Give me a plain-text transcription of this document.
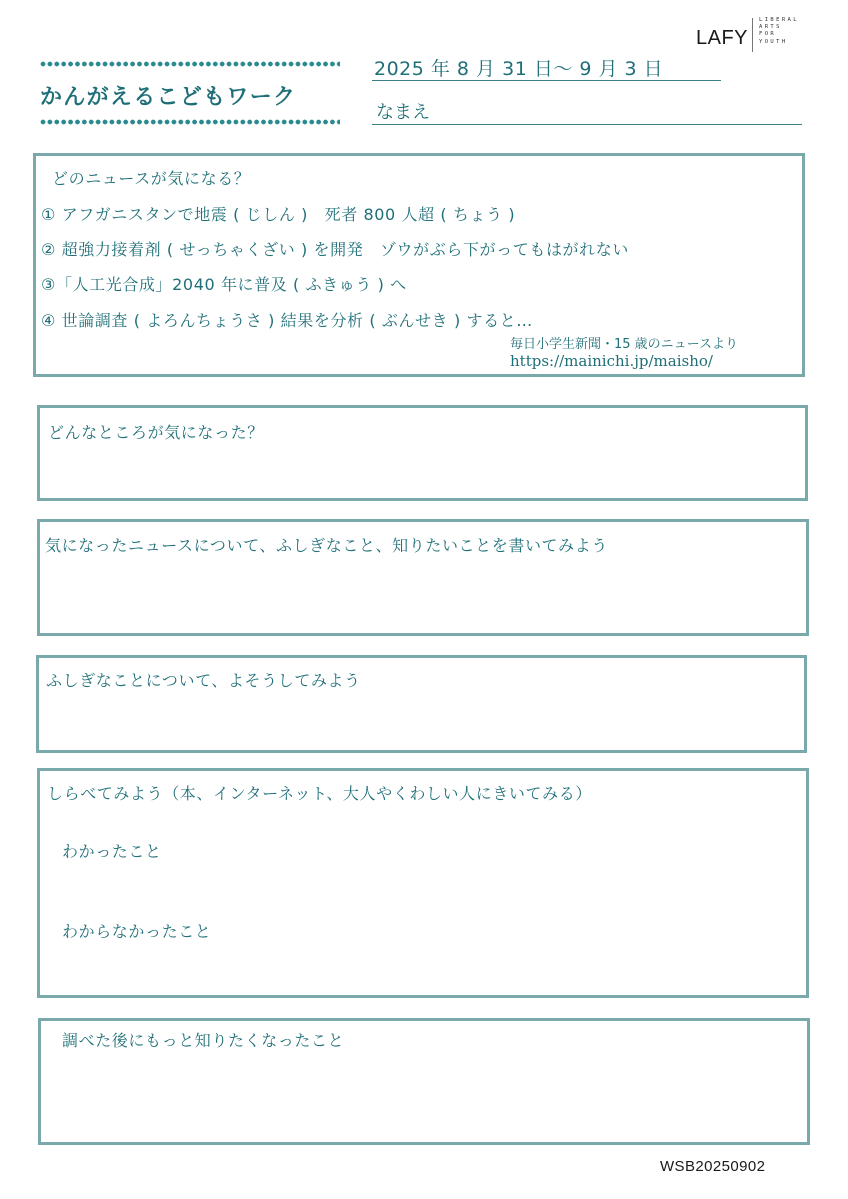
LAFY
LIBERAL
ARTS
FOR
YOUTH
かんがえるこどもワーク
2025 年 8 月 31 日～ 9 月 3 日
なまえ
どのニュースが気になる？
① アフガニスタンで地震 ( じしん )　死者 800 人超 ( ちょう )
② 超強力接着剤 ( せっちゃくざい ) を開発　ゾウがぶら下がってもはがれない
③「人工光合成」2040 年に普及 ( ふきゅう ) へ
④ 世論調査 ( よろんちょうさ ) 結果を分析 ( ぶんせき ) すると…
毎日小学生新聞・15 歳のニュースより
https://mainichi.jp/maisho/
どんなところが気になった？
気になったニュースについて、ふしぎなこと、知りたいことを書いてみよう
ふしぎなことについて、よそうしてみよう
しらべてみよう（本、インターネット、大人やくわしい人にきいてみる）
わかったこと
わからなかったこと
調べた後にもっと知りたくなったこと
WSB20250902
